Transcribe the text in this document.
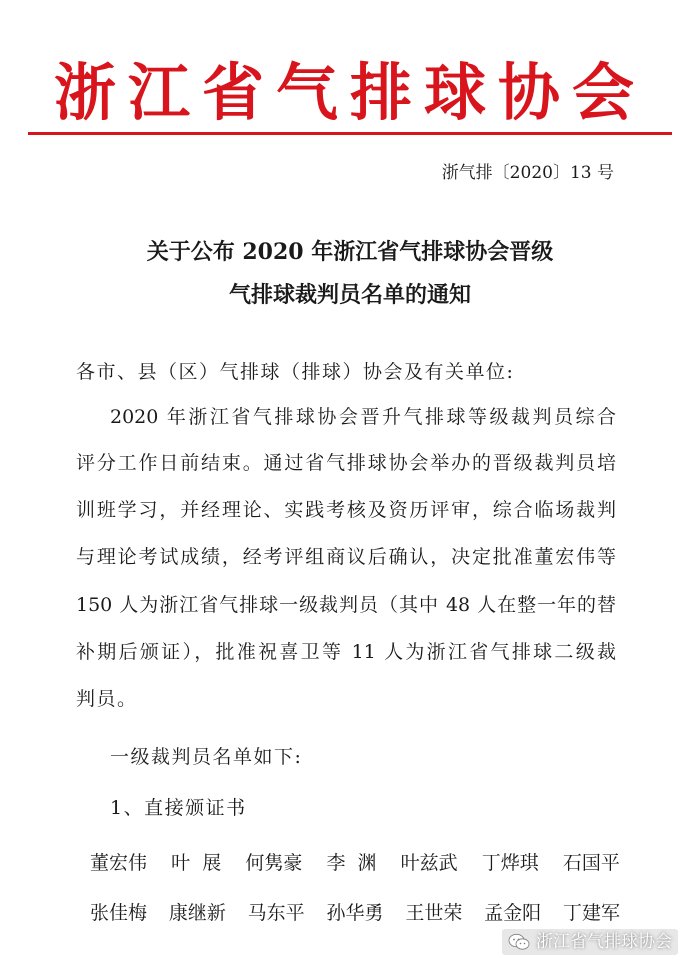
浙江省气排球协会
浙气排〔2020〕13 号
关于公布 2020 年浙江省气排球协会晋级
气排球裁判员名单的通知
各市、县（区）气排球（排球）协会及有关单位:
2020 年浙江省气排球协会晋升气排球等级裁判员综合
评分工作日前结束。通过省气排球协会举办的晋级裁判员培
训班学习，并经理论、实践考核及资历评审，综合临场裁判
与理论考试成绩，经考评组商议后确认，决定批准董宏伟等
150 人为浙江省气排球一级裁判员（其中 48 人在整一年的替
补期后颁证），批准祝喜卫等 11 人为浙江省气排球二级裁
判员。
一级裁判员名单如下:
1、直接颁证书
董宏伟 叶  展 何隽豪 李  渊 叶兹武 丁烨琪 石国平
张佳梅 康继新 马东平 孙华勇 王世荣 孟金阳 丁建军
浙江省气排球协会
